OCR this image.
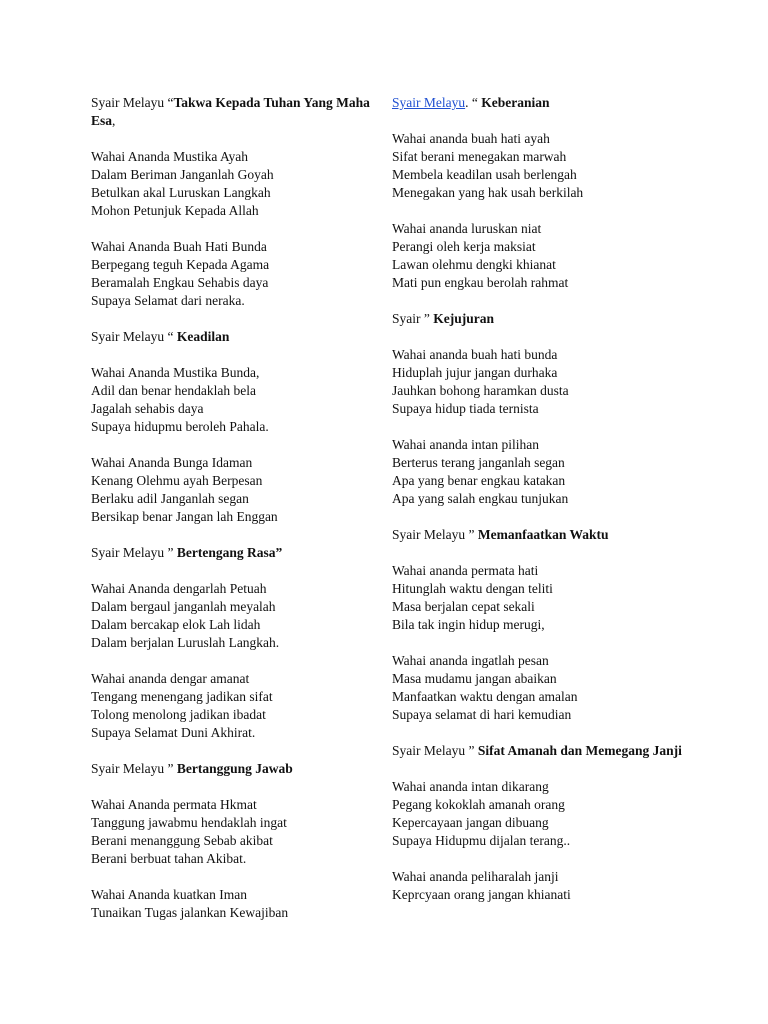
Syair Melayu “Takwa Kepada Tuhan Yang Maha Esa,
Wahai Ananda Mustika Ayah
Dalam Beriman Janganlah Goyah
Betulkan akal Luruskan Langkah
Mohon Petunjuk Kepada Allah
Wahai Ananda Buah Hati Bunda
Berpegang teguh Kepada Agama
Beramalah Engkau Sehabis daya
Supaya Selamat dari neraka.
Syair Melayu “ Keadilan
Wahai Ananda Mustika Bunda,
Adil dan benar hendaklah bela
Jagalah sehabis daya
Supaya hidupmu beroleh Pahala.
Wahai Ananda Bunga Idaman
Kenang Olehmu ayah Berpesan
Berlaku adil Janganlah segan
Bersikap benar Jangan lah Enggan
Syair Melayu ” Bertengang Rasa”
Wahai Ananda dengarlah Petuah
Dalam bergaul janganlah meyalah
Dalam bercakap elok Lah lidah
Dalam berjalan Luruslah Langkah.
Wahai ananda dengar amanat
Tengang menengang jadikan sifat
Tolong menolong jadikan ibadat
Supaya Selamat Duni Akhirat.
Syair Melayu ” Bertanggung Jawab
Wahai Ananda permata Hkmat
Tanggung jawabmu hendaklah ingat
Berani menanggung Sebab akibat
Berani berbuat tahan Akibat.
Wahai Ananda kuatkan Iman
Tunaikan Tugas jalankan Kewajiban
Syair Melayu. “ Keberanian
Wahai ananda buah hati ayah
Sifat berani menegakan marwah
Membela keadilan usah berlengah
Menegakan yang hak usah berkilah
Wahai ananda luruskan niat
Perangi oleh kerja maksiat
Lawan olehmu dengki khianat
Mati pun engkau berolah rahmat
Syair ” Kejujuran
Wahai ananda buah hati bunda
Hiduplah jujur jangan durhaka
Jauhkan bohong haramkan dusta
Supaya hidup tiada ternista
Wahai ananda intan pilihan
Berterus terang janganlah segan
Apa yang benar engkau katakan
Apa yang salah engkau tunjukan
Syair Melayu ” Memanfaatkan Waktu
Wahai ananda permata hati
Hitunglah waktu dengan teliti
Masa berjalan cepat sekali
Bila tak ingin hidup merugi,
Wahai ananda ingatlah pesan
Masa mudamu jangan abaikan
Manfaatkan waktu dengan amalan
Supaya selamat di hari kemudian
Syair Melayu ” Sifat Amanah dan Memegang Janji
Wahai ananda intan dikarang
Pegang kokoklah amanah orang
Kepercayaan jangan dibuang
Supaya Hidupmu dijalan terang..
Wahai ananda peliharalah janji
Keprcyaan orang jangan khianati
